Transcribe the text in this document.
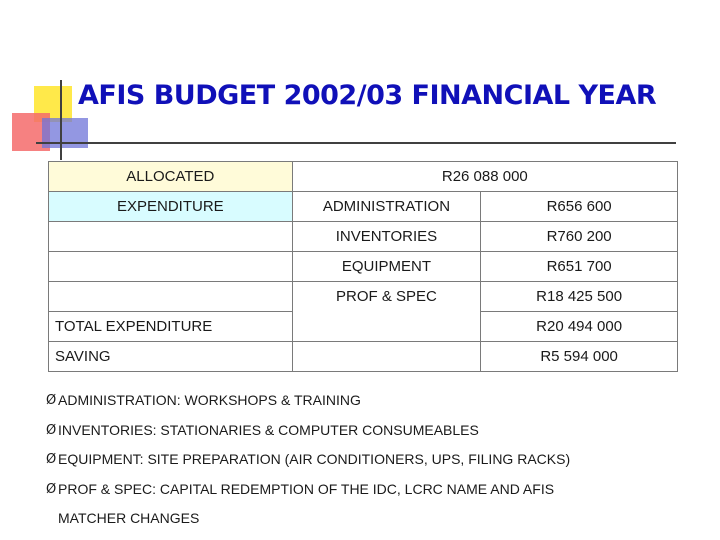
AFIS BUDGET 2002/03 FINANCIAL YEAR
ALLOCATED	R26 088 000	
EXPENDITURE	ADMINISTRATION	R656 600
	INVENTORIES	R760 200
	EQUIPMENT	R651 700
	PROF & SPEC	R18 425 500
TOTAL EXPENDITURE		R20 494 000
SAVING		R5 594 000
Ø ADMINISTRATION: WORKSHOPS & TRAINING
Ø INVENTORIES: STATIONARIES & COMPUTER CONSUMEABLES
Ø EQUIPMENT: SITE PREPARATION (AIR CONDITIONERS, UPS, FILING RACKS)
Ø PROF & SPEC: CAPITAL REDEMPTION OF THE IDC, LCRC NAME AND AFIS
MATCHER CHANGES
